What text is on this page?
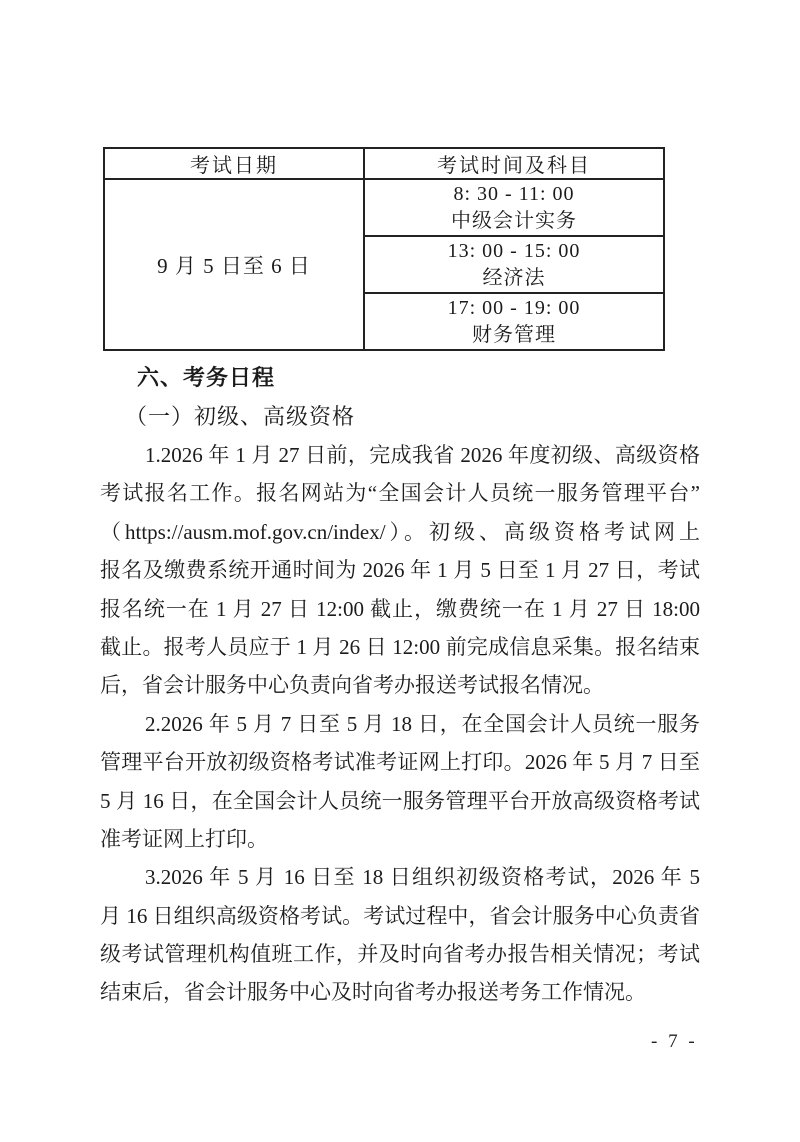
考试日期	考试时间及科目
9 月 5 日至 6 日	8: 30 - 11: 00
中级会计实务

	13: 00 - 15: 00
经济法

	17: 00 - 19: 00
财务管理
六、考务日程
（一）初级、高级资格
1.2026 年 1 月 27 日前，完成我省 2026 年度初级、高级资格
考试报名工作。报名网站为“全国会计人员统一服务管理平台”
（https://ausm.mof.gov.cn/index/）。初级、高级资格考试网上
报名及缴费系统开通时间为 2026 年 1 月 5 日至 1 月 27 日，考试
报名统一在 1 月 27 日 12:00 截止，缴费统一在 1 月 27 日 18:00
截止。报考人员应于 1 月 26 日 12:00 前完成信息采集。报名结束
后，省会计服务中心负责向省考办报送考试报名情况。
2.2026 年 5 月 7 日至 5 月 18 日，在全国会计人员统一服务
管理平台开放初级资格考试准考证网上打印。2026 年 5 月 7 日至
5 月 16 日，在全国会计人员统一服务管理平台开放高级资格考试
准考证网上打印。
3.2026 年 5 月 16 日至 18 日组织初级资格考试，2026 年 5
月 16 日组织高级资格考试。考试过程中，省会计服务中心负责省
级考试管理机构值班工作，并及时向省考办报告相关情况；考试
结束后，省会计服务中心及时向省考办报送考务工作情况。
- 7 -
